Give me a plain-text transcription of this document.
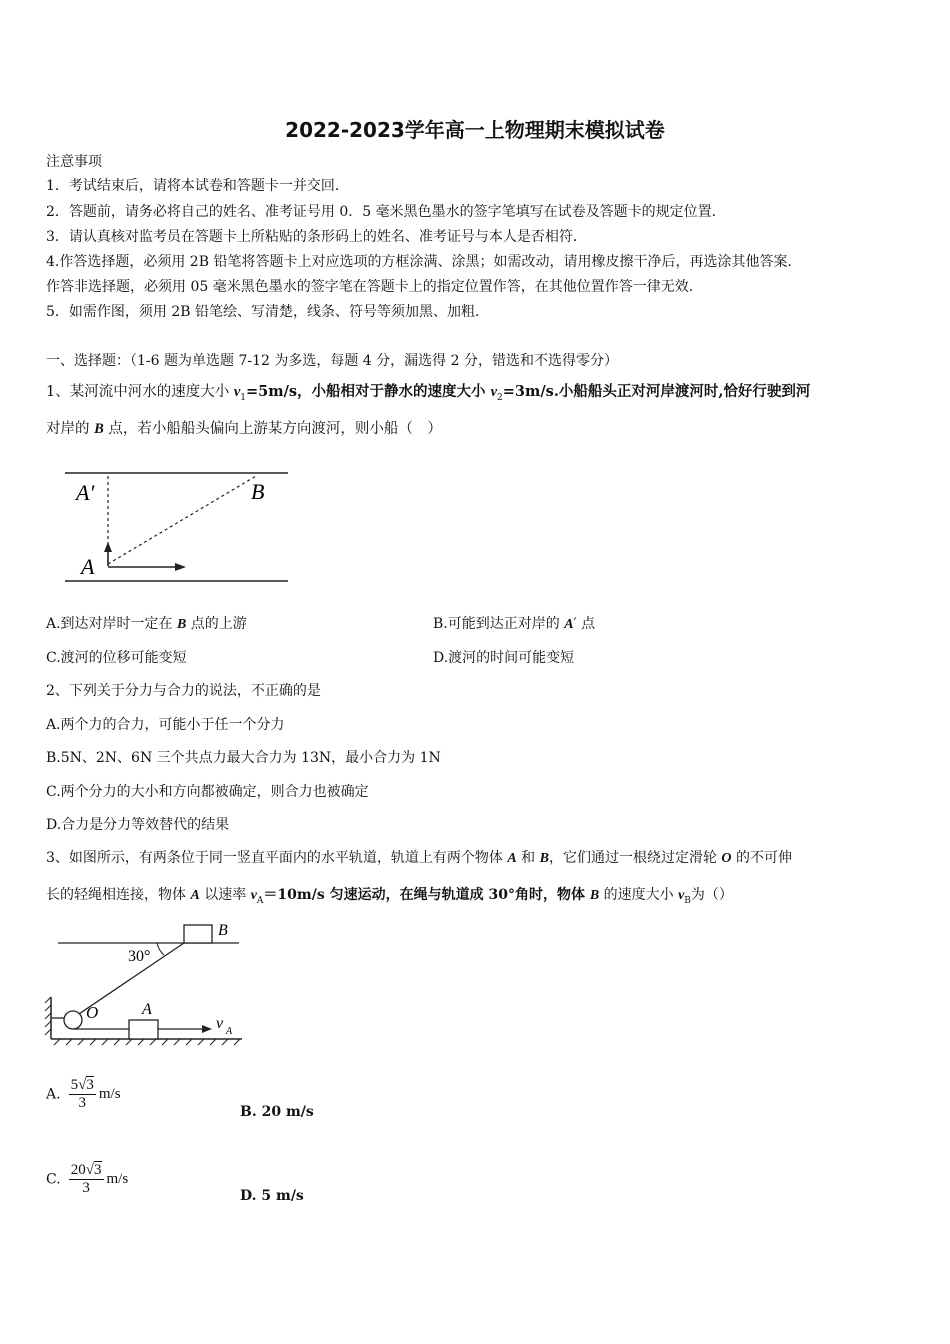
2022-2023学年高一上物理期末模拟试卷
注意事项
1．考试结束后，请将本试卷和答题卡一并交回．
2．答题前，请务必将自己的姓名、准考证号用 0．5 毫米黑色墨水的签字笔填写在试卷及答题卡的规定位置．
3．请认真核对监考员在答题卡上所粘贴的条形码上的姓名、准考证号与本人是否相符．
4.作答选择题，必须用 2B 铅笔将答题卡上对应选项的方框涂满、涂黑；如需改动，请用橡皮擦干净后，再选涂其他答案．
作答非选择题，必须用 05 毫米黑色墨水的签字笔在答题卡上的指定位置作答，在其他位置作答一律无效．
5．如需作图，须用 2B 铅笔绘、写清楚，线条、符号等须加黑、加粗．
一、选择题：（1-6 题为单选题 7-12 为多选，每题 4 分，漏选得 2 分，错选和不选得零分）
1、某河流中河水的速度大小 $v_1=5m/s$，小船相对于静水的速度大小 $v_2=3m/s$.小船船头正对河岸渡河时,恰好行驶到河
对岸的 B 点，若小船船头偏向上游某方向渡河，则小船（　）
A′	B
A
A.到达对岸时一定在 B 点的上游	B.可能到达正对岸的 A′ 点
C.渡河的位移可能变短	D.渡河的时间可能变短
2、下列关于分力与合力的说法，不正确的是
A.两个力的合力，可能小于任一个分力
B.5N、2N、6N 三个共点力最大合力为 13N，最小合力为 1N
C.两个分力的大小和方向都被确定，则合力也被确定
D.合力是分力等效替代的结果
3、如图所示，有两条位于同一竖直平面内的水平轨道，轨道上有两个物体 A 和 B，它们通过一根绕过定滑轮 O 的不可伸
长的轻绳相连接，物体 A 以速率 $v_A=10m/s$ 匀速运动，在绳与轨道成 30°角时，物体 B 的速度大小 $v_B$为（）
B
30°
O	A
v A
A. $\frac{5√3}{3} m/s$
B. 20 m/s
C. $\frac{20√3}{3} m/s$
D. 5 m/s
